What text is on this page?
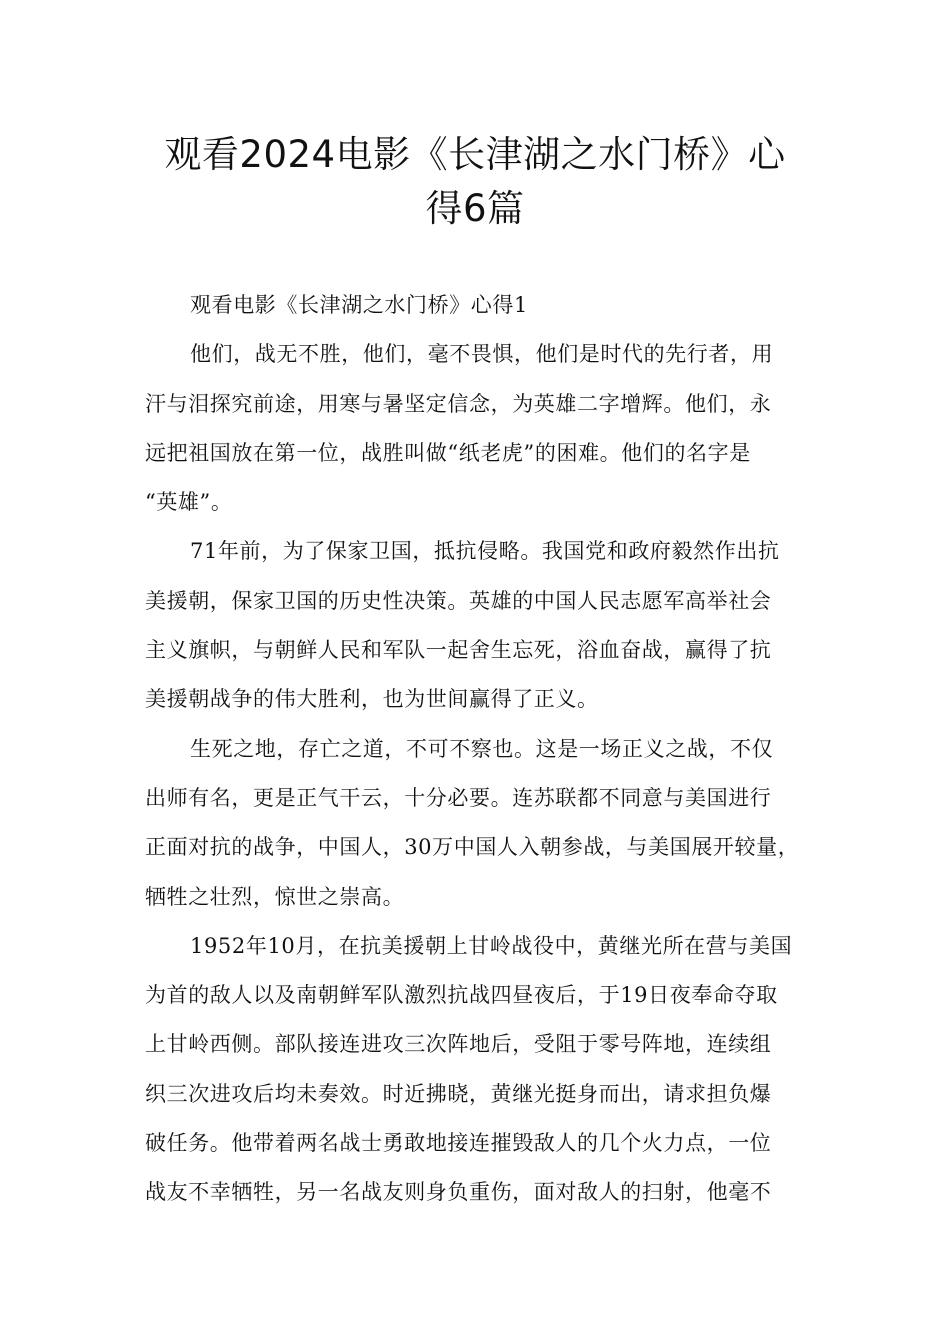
观看2024电影《长津湖之水门桥》心
得6篇
观看电影《长津湖之水门桥》心得1
他们，战无不胜，他们，毫不畏惧，他们是时代的先行者，用
汗与泪探究前途，用寒与暑坚定信念，为英雄二字增辉。他们，永
远把祖国放在第一位，战胜叫做“纸老虎”的困难。他们的名字是
“英雄”。
71年前，为了保家卫国，抵抗侵略。我国党和政府毅然作出抗
美援朝，保家卫国的历史性决策。英雄的中国人民志愿军高举社会
主义旗帜，与朝鲜人民和军队一起舍生忘死，浴血奋战，赢得了抗
美援朝战争的伟大胜利，也为世间赢得了正义。
生死之地，存亡之道，不可不察也。这是一场正义之战，不仅
出师有名，更是正气干云，十分必要。连苏联都不同意与美国进行
正面对抗的战争，中国人，30万中国人入朝参战，与美国展开较量，
牺牲之壮烈，惊世之崇高。
1952年10月，在抗美援朝上甘岭战役中，黄继光所在营与美国
为首的敌人以及南朝鲜军队激烈抗战四昼夜后，于19日夜奉命夺取
上甘岭西侧。部队接连进攻三次阵地后，受阻于零号阵地，连续组
织三次进攻后均未奏效。时近拂晓，黄继光挺身而出，请求担负爆
破任务。他带着两名战士勇敢地接连摧毁敌人的几个火力点，一位
战友不幸牺牲，另一名战友则身负重伤，面对敌人的扫射，他毫不
